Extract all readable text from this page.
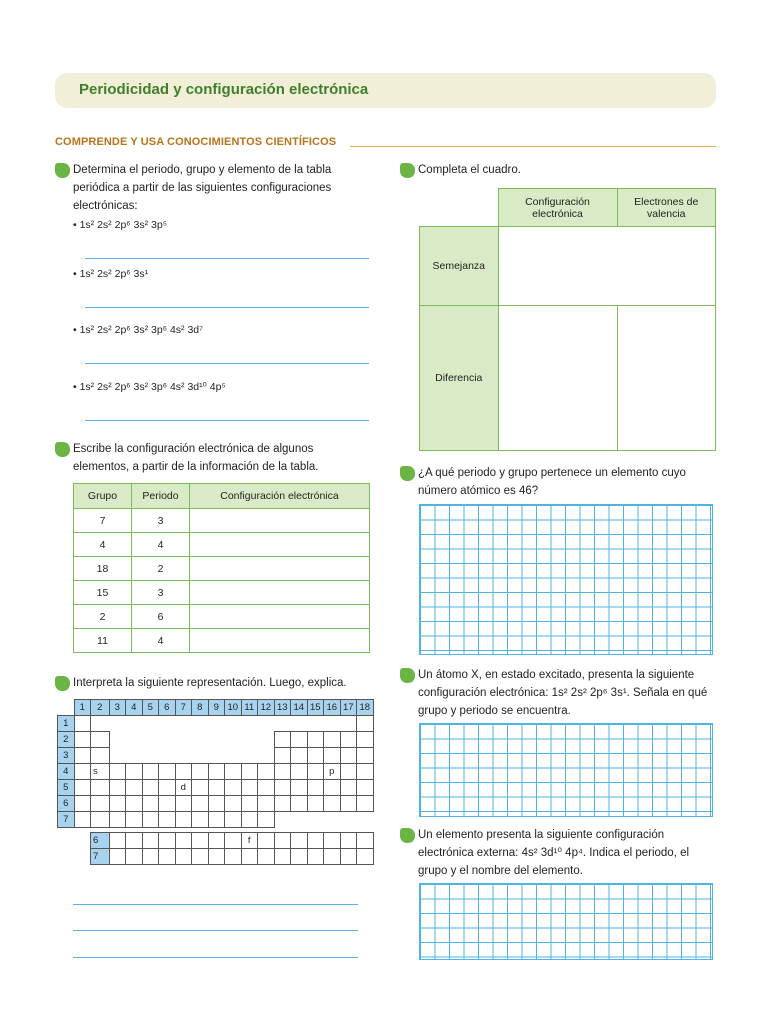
Periodicidad y configuración electrónica
COMPRENDE Y USA CONOCIMIENTOS CIENTÍFICOS
Determina el periodo, grupo y elemento de la tabla periódica a partir de las siguientes configuraciones electrónicas:
• 1s² 2s² 2p⁶ 3s² 3p⁵
• 1s² 2s² 2p⁶ 3s¹
• 1s² 2s² 2p⁶ 3s² 3p⁶ 4s² 3d⁷
• 1s² 2s² 2p⁶ 3s² 3p⁶ 4s² 3d¹⁰ 4p⁵
Escribe la configuración electrónica de algunos elementos, a partir de la información de la tabla.
Grupo	Periodo	Configuración electrónica
7	3	
4	4	
18	2	
15	3	
2	6	
11	4	
Interpreta la siguiente representación. Luego, explica.
	1	2	3	4	5	6	7	8	9	10	11	12	13	14	15	16	17	18
1																		
2																		
3																		
4		s														p		
5							d											
6																		
7																		

		6									f							
		7																
Completa el cuadro.
	Configuración electrónica	Electrones de valencia
Semejanza		
Diferencia		
¿A qué periodo y grupo pertenece un elemento cuyo número atómico es 46?
Un átomo X, en estado excitado, presenta la siguiente configuración electrónica: 1s² 2s² 2p⁶ 3s¹. Señala en qué grupo y periodo se encuentra.
Un elemento presenta la siguiente configuración electrónica externa: 4s² 3d¹⁰ 4p⁴. Indica el periodo, el grupo y el nombre del elemento.
